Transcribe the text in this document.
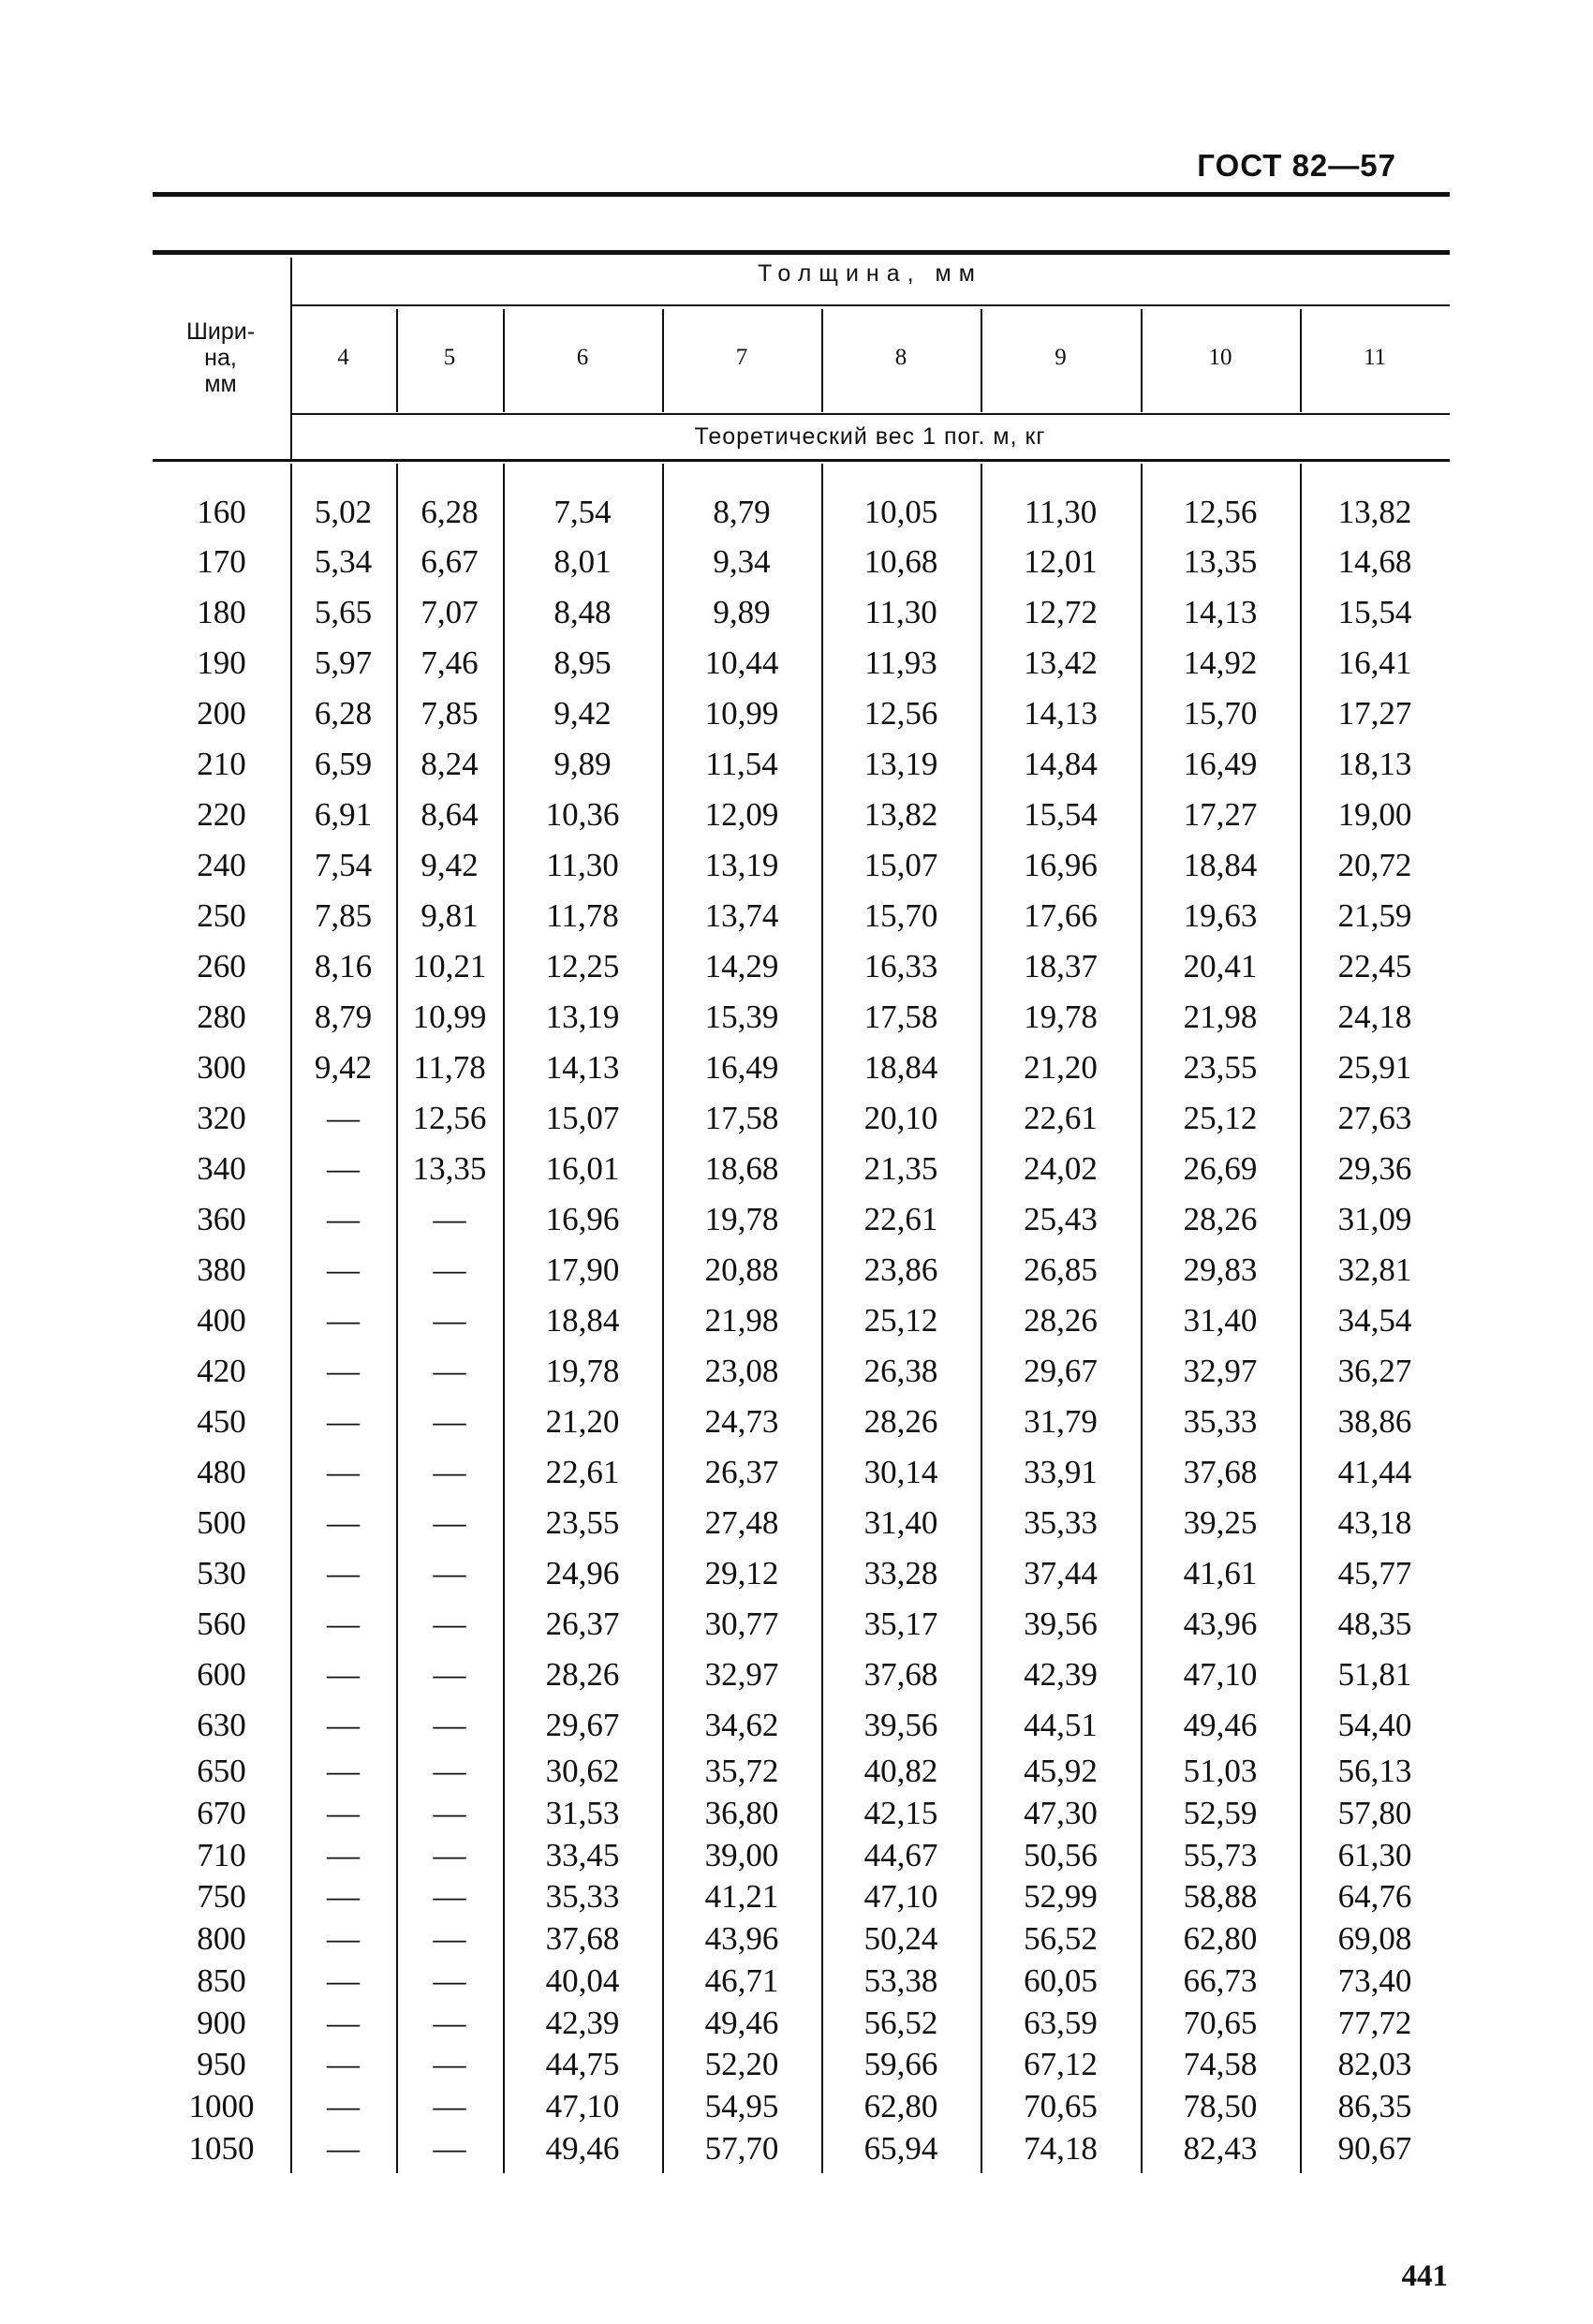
ГОСТ 82—57
Шири-
на,
мм
Толщина, мм
Теоретический вес 1 пог. м, кг
4	5	6	7	8	9	10	11
160	5,02	6,28	7,54	8,79	10,05	11,30	12,56	13,82
170	5,34	6,67	8,01	9,34	10,68	12,01	13,35	14,68
180	5,65	7,07	8,48	9,89	11,30	12,72	14,13	15,54
190	5,97	7,46	8,95	10,44	11,93	13,42	14,92	16,41
200	6,28	7,85	9,42	10,99	12,56	14,13	15,70	17,27
210	6,59	8,24	9,89	11,54	13,19	14,84	16,49	18,13
220	6,91	8,64	10,36	12,09	13,82	15,54	17,27	19,00
240	7,54	9,42	11,30	13,19	15,07	16,96	18,84	20,72
250	7,85	9,81	11,78	13,74	15,70	17,66	19,63	21,59
260	8,16	10,21	12,25	14,29	16,33	18,37	20,41	22,45
280	8,79	10,99	13,19	15,39	17,58	19,78	21,98	24,18
300	9,42	11,78	14,13	16,49	18,84	21,20	23,55	25,91
320	—	12,56	15,07	17,58	20,10	22,61	25,12	27,63
340	—	13,35	16,01	18,68	21,35	24,02	26,69	29,36
360	—	—	16,96	19,78	22,61	25,43	28,26	31,09
380	—	—	17,90	20,88	23,86	26,85	29,83	32,81
400	—	—	18,84	21,98	25,12	28,26	31,40	34,54
420	—	—	19,78	23,08	26,38	29,67	32,97	36,27
450	—	—	21,20	24,73	28,26	31,79	35,33	38,86
480	—	—	22,61	26,37	30,14	33,91	37,68	41,44
500	—	—	23,55	27,48	31,40	35,33	39,25	43,18
530	—	—	24,96	29,12	33,28	37,44	41,61	45,77
560	—	—	26,37	30,77	35,17	39,56	43,96	48,35
600	—	—	28,26	32,97	37,68	42,39	47,10	51,81
630	—	—	29,67	34,62	39,56	44,51	49,46	54,40
650	—	—	30,62	35,72	40,82	45,92	51,03	56,13
670	—	—	31,53	36,80	42,15	47,30	52,59	57,80
710	—	—	33,45	39,00	44,67	50,56	55,73	61,30
750	—	—	35,33	41,21	47,10	52,99	58,88	64,76
800	—	—	37,68	43,96	50,24	56,52	62,80	69,08
850	—	—	40,04	46,71	53,38	60,05	66,73	73,40
900	—	—	42,39	49,46	56,52	63,59	70,65	77,72
950	—	—	44,75	52,20	59,66	67,12	74,58	82,03
1000	—	—	47,10	54,95	62,80	70,65	78,50	86,35
1050	—	—	49,46	57,70	65,94	74,18	82,43	90,67
441
